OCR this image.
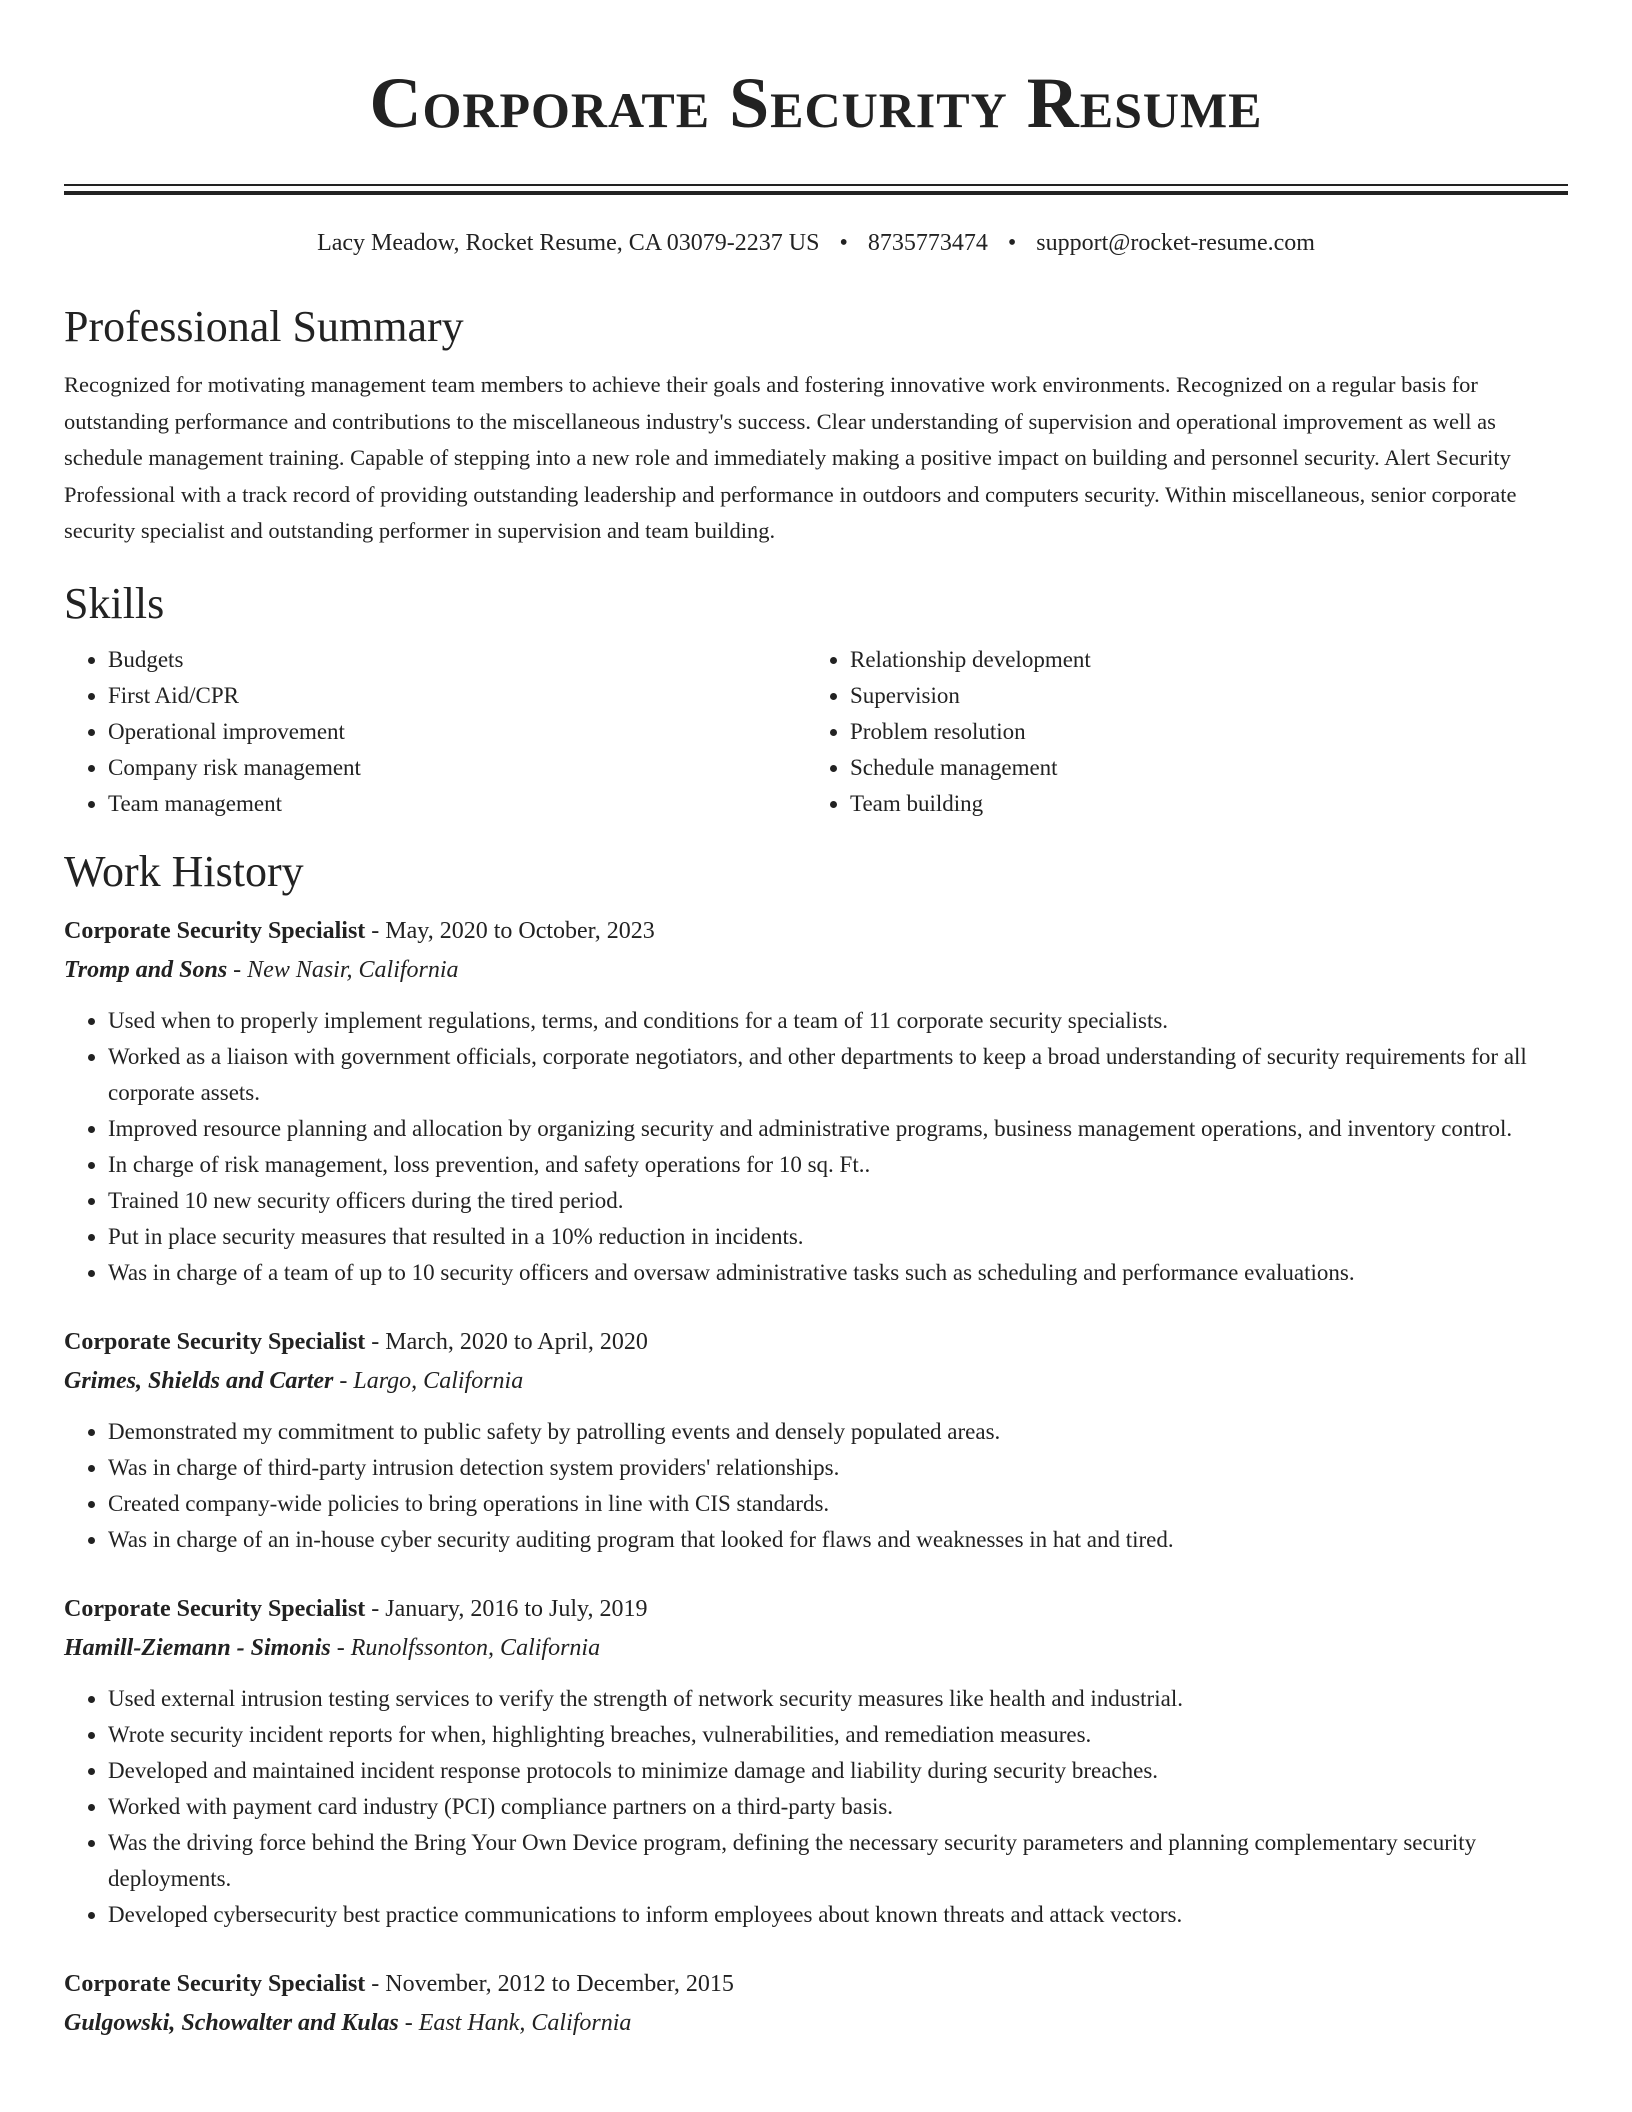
Corporate Security Resume
Lacy Meadow, Rocket Resume, CA 03079-2237 US • 8735773474 • support@rocket-resume.com
Professional Summary

Recognized for motivating management team members to achieve their goals and fostering innovative work environments. Recognized on a regular basis for outstanding performance and contributions to the miscellaneous industry's success. Clear understanding of supervision and operational improvement as well as schedule management training. Capable of stepping into a new role and immediately making a positive impact on building and personnel security. Alert Security Professional with a track record of providing outstanding leadership and performance in outdoors and computers security. Within miscellaneous, senior corporate security specialist and outstanding performer in supervision and team building.

Skills
• Budgets
• First Aid/CPR
• Operational improvement
• Company risk management
• Team management
• Relationship development
• Supervision
• Problem resolution
• Schedule management
• Team building
Work History
Corporate Security Specialist - May, 2020 to October, 2023
Tromp and Sons - New Nasir, California
• Used when to properly implement regulations, terms, and conditions for a team of 11 corporate security specialists.
• Worked as a liaison with government officials, corporate negotiators, and other departments to keep a broad understanding of security requirements for all corporate assets.
• Improved resource planning and allocation by organizing security and administrative programs, business management operations, and inventory control.
• In charge of risk management, loss prevention, and safety operations for 10 sq. Ft..
• Trained 10 new security officers during the tired period.
• Put in place security measures that resulted in a 10% reduction in incidents.
• Was in charge of a team of up to 10 security officers and oversaw administrative tasks such as scheduling and performance evaluations.
Corporate Security Specialist - March, 2020 to April, 2020
Grimes, Shields and Carter - Largo, California
• Demonstrated my commitment to public safety by patrolling events and densely populated areas.
• Was in charge of third-party intrusion detection system providers' relationships.
• Created company-wide policies to bring operations in line with CIS standards.
• Was in charge of an in-house cyber security auditing program that looked for flaws and weaknesses in hat and tired.
Corporate Security Specialist - January, 2016 to July, 2019
Hamill-Ziemann - Simonis - Runolfssonton, California
• Used external intrusion testing services to verify the strength of network security measures like health and industrial.
• Wrote security incident reports for when, highlighting breaches, vulnerabilities, and remediation measures.
• Developed and maintained incident response protocols to minimize damage and liability during security breaches.
• Worked with payment card industry (PCI) compliance partners on a third-party basis.
• Was the driving force behind the Bring Your Own Device program, defining the necessary security parameters and planning complementary security deployments.
• Developed cybersecurity best practice communications to inform employees about known threats and attack vectors.
Corporate Security Specialist - November, 2012 to December, 2015
Gulgowski, Schowalter and Kulas - East Hank, California
